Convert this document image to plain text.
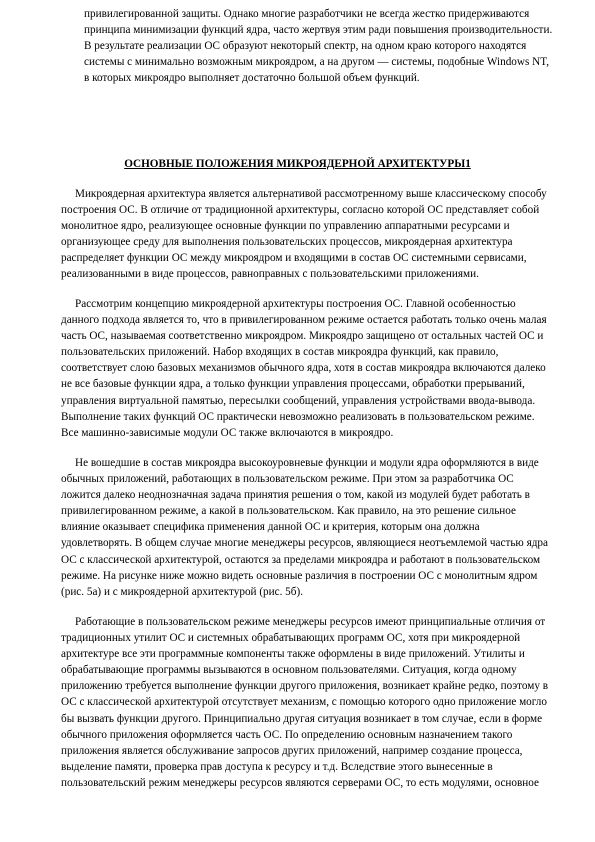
привилегированной защиты. Однако многие разработчики не всегда жестко придерживаются принципа минимизации функций ядра, часто жертвуя этим ради повышения производительности. В результате реализации ОС образуют некоторый спектр, на одном краю которого находятся системы с минимально возможным микроядром, а на другом — системы, подобные Windows NT, в которых микроядро выполняет достаточно большой объем функций.

ОСНОВНЫЕ ПОЛОЖЕНИЯ МИКРОЯДЕРНОЙ АРХИТЕКТУРЫ1

Микроядерная архитектура является альтернативой рассмотренному выше классическому способу построения ОС. В отличие от традиционной архитектуры, согласно которой ОС представляет собой монолитное ядро, реализующее основные функции по управлению аппаратными ресурсами и организующее среду для выполнения пользовательских процессов, микроядерная архитектура распределяет функции ОС между микроядром и входящими в состав ОС системными сервисами, реализованными в виде процессов, равноправных с пользовательскими приложениями.

Рассмотрим концепцию микроядерной архитектуры построения ОС. Главной особенностью данного подхода является то, что в привилегированном режиме остается работать только очень малая часть ОС, называемая соответственно микроядром. Микроядро защищено от остальных частей ОС и пользовательских приложений. Набор входящих в состав микроядра функций, как правило, соответствует слою базовых механизмов обычного ядра, хотя в состав микроядра включаются далеко не все базовые функции ядра, а только функции управления процессами, обработки прерываний, управления виртуальной памятью, пересылки сообщений, управления устройствами ввода-вывода. Выполнение таких функций ОС практически невозможно реализовать в пользовательском режиме. Все машинно-зависимые модули ОС также включаются в микроядро.

Не вошедшие в состав микроядра высокоуровневые функции и модули ядра оформляются в виде обычных приложений, работающих в пользовательском режиме. При этом за разработчика ОС ложится далеко неоднозначная задача принятия решения о том, какой из модулей будет работать в привилегированном режиме, а какой в пользовательском. Как правило, на это решение сильное влияние оказывает специфика применения данной ОС и критерия, которым она должна удовлетворять. В общем случае многие менеджеры ресурсов, являющиеся неотъемлемой частью ядра ОС с классической архитектурой, остаются за пределами микроядра и работают в пользовательском режиме. На рисунке ниже можно видеть основные различия в построении ОС с монолитным ядром (рис. 5а) и с микроядерной архитектурой (рис. 5б).

Работающие в пользовательском режиме менеджеры ресурсов имеют принципиальные отличия от традиционных утилит ОС и системных обрабатывающих программ ОС, хотя при микроядерной архитектуре все эти программные компоненты также оформлены в виде приложений. Утилиты и обрабатывающие программы вызываются в основном пользователями. Ситуация, когда одному приложению требуется выполнение функции другого приложения, возникает крайне редко, поэтому в ОС с классической архитектурой отсутствует механизм, с помощью которого одно приложение могло бы вызвать функции другого. Принципиально другая ситуация возникает в том случае, если в форме обычного приложения оформляется часть ОС. По определению основным назначением такого приложения является обслуживание запросов других приложений, например создание процесса, выделение памяти, проверка прав доступа к ресурсу и т.д. Вследствие этого вынесенные в пользовательский режим менеджеры ресурсов являются серверами ОС, то есть модулями, основное
